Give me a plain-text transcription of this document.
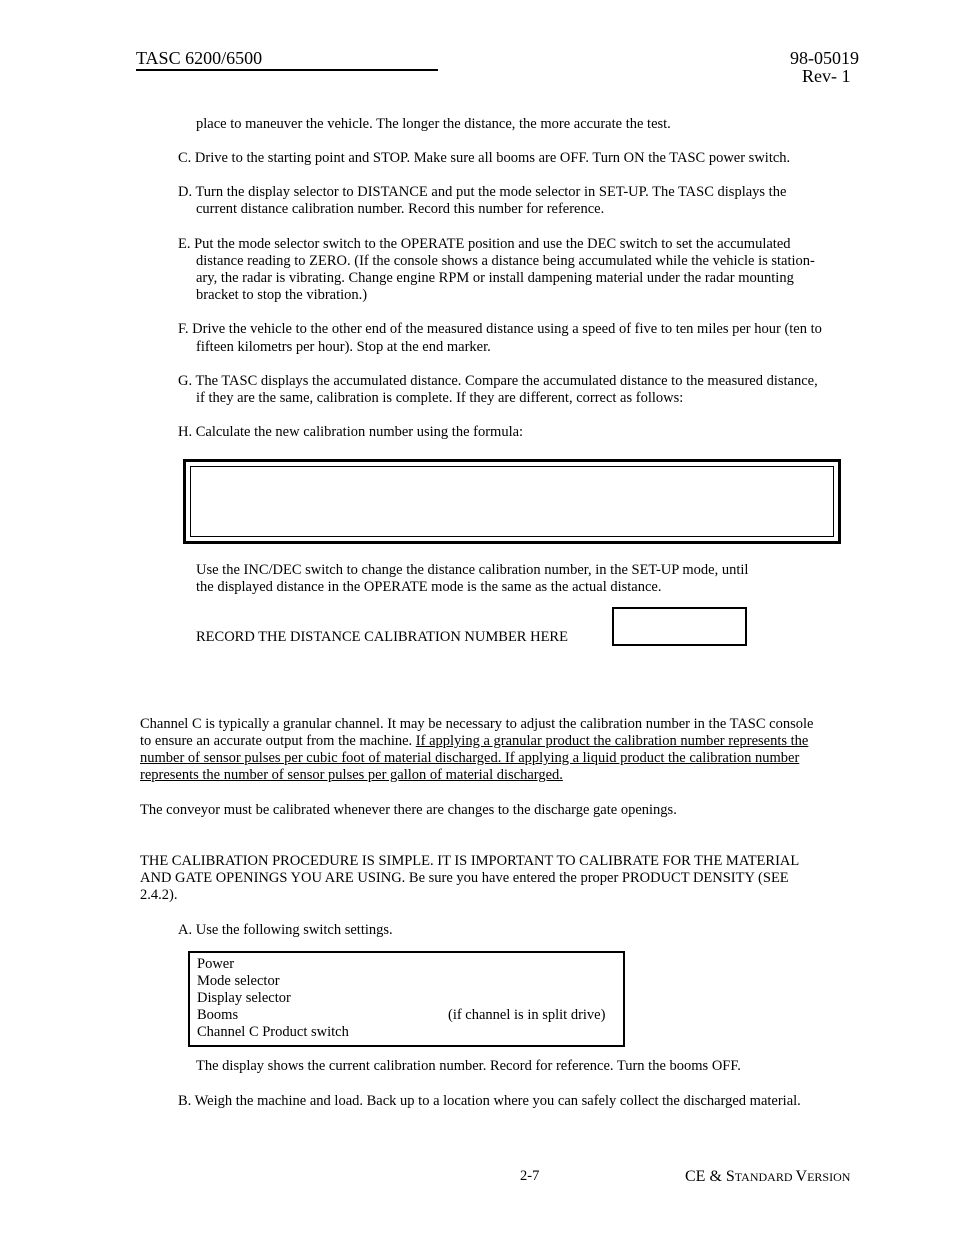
TASC 6200/6500	98-05019
Rev- 1
place to maneuver the vehicle. The longer the distance, the more accurate the test.
C. Drive to the starting point and STOP. Make sure all booms are OFF. Turn ON the TASC power switch.
D. Turn the display selector to DISTANCE and put the mode selector in SET-UP. The TASC displays the
current distance calibration number. Record this number for reference.
E. Put the mode selector switch to the OPERATE position and use the DEC switch to set the accumulated
distance reading to ZERO. (If the console shows a distance being accumulated while the vehicle is station-
ary, the radar is vibrating. Change engine RPM or install dampening material under the radar mounting
bracket to stop the vibration.)
F. Drive the vehicle to the other end of the measured distance using a speed of five to ten miles per hour (ten to
fifteen kilometrs per hour). Stop at the end marker.
G. The TASC displays the accumulated distance. Compare the accumulated distance to the measured distance,
if they are the same, calibration is complete. If they are different, correct as follows:
H. Calculate the new calibration number using the formula:
Use the INC/DEC switch to change the distance calibration number, in the SET-UP mode, until
the displayed distance in the OPERATE mode is the same as the actual distance.
RECORD THE DISTANCE CALIBRATION NUMBER HERE
Channel C is typically a granular channel. It may be necessary to adjust the calibration number in the TASC console
to ensure an accurate output from the machine. If applying a granular product the calibration number represents the
number of sensor pulses per cubic foot of material discharged. If applying a liquid product the calibration number
represents the number of sensor pulses per gallon of material discharged.
The conveyor must be calibrated whenever there are changes to the discharge gate openings.
THE CALIBRATION PROCEDURE IS SIMPLE. IT IS IMPORTANT TO CALIBRATE FOR THE MATERIAL
AND GATE OPENINGS YOU ARE USING. Be sure you have entered the proper PRODUCT DENSITY (SEE
2.4.2).
A. Use the following switch settings.
Power
Mode selector
Display selector
Booms	(if channel is in split drive)
Channel C Product switch
The display shows the current calibration number. Record for reference. Turn the booms OFF.
B. Weigh the machine and load. Back up to a location where you can safely collect the discharged material.
2-7	CE & STANDARD VERSION
